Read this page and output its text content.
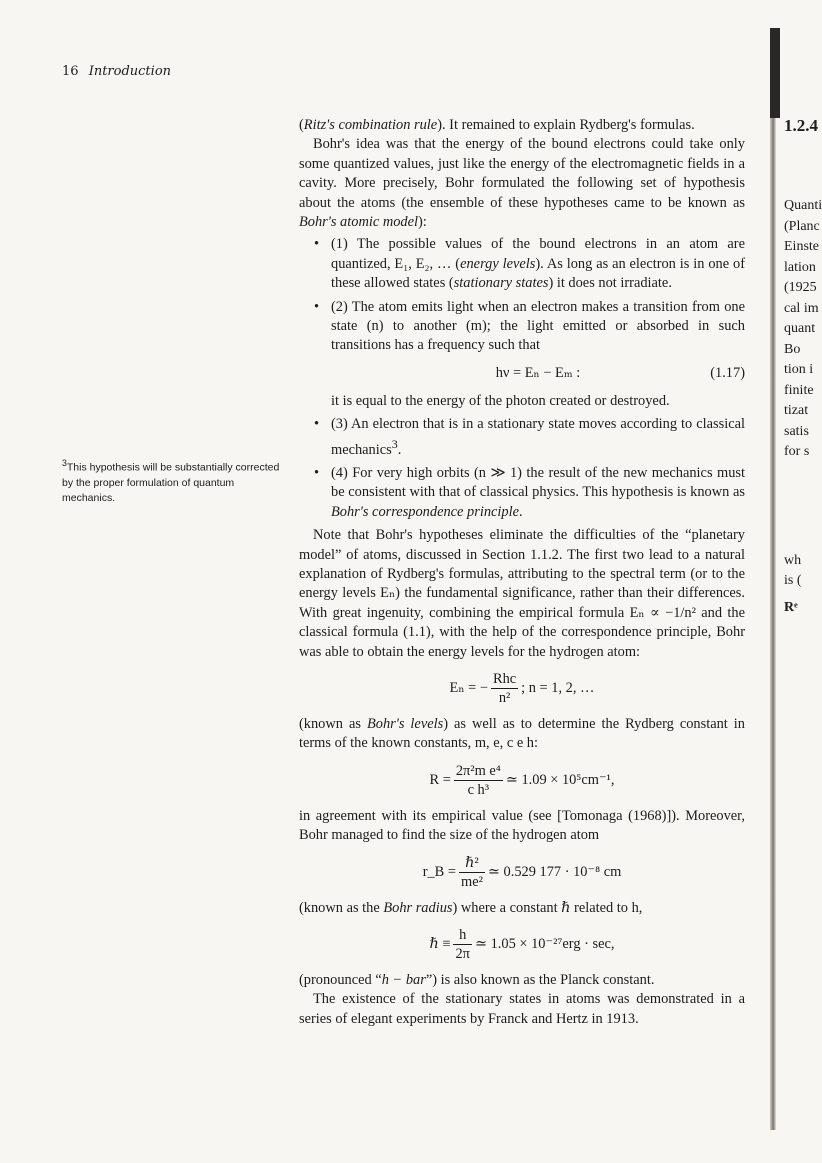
16 Introduction

(Ritz's combination rule). It remained to explain Rydberg's formulas.

Bohr's idea was that the energy of the bound electrons could take only some quantized values, just like the energy of the electromagnetic fields in a cavity. More precisely, Bohr formulated the following set of hypothesis about the atoms (the ensemble of these hypotheses came to be known as Bohr's atomic model):

• (1) The possible values of the bound electrons in an atom are quantized, E₁, E₂, … (energy levels). As long as an electron is in one of these allowed states (stationary states) it does not irradiate.
• (2) The atom emits light when an electron makes a transition from one state (n) to another (m); the light emitted or absorbed in such transitions has a frequency such that
hν = Eₙ − Eₘ :	(1.17)
it is equal to the energy of the photon created or destroyed.
• (3) An electron that is in a stationary state moves according to classical mechanics$^3$.
• (4) For very high orbits (n ≫ 1) the result of the new mechanics must be consistent with that of classical physics. This hypothesis is known as Bohr's correspondence principle.

Note that Bohr's hypotheses eliminate the difficulties of the “planetary model” of atoms, discussed in Section 1.1.2. The first two lead to a natural explanation of Rydberg's formulas, attributing to the spectral term (or to the energy levels Eₙ) the fundamental significance, rather than their differences. With great ingenuity, combining the empirical formula Eₙ ∝ −1/n² and the classical formula (1.1), with the help of the correspondence principle, Bohr was able to obtain the energy levels for the hydrogen atom:

Eₙ = − $\frac{\text{Rhc}}{\text{n²}}$ ; n = 1, 2, …

(known as Bohr's levels) as well as to determine the Rydberg constant in terms of the known constants, m, e, c e h:

$R = \frac{\text{2π²m e⁴}}{\text{c h³}}$ ≃ 1.09 × 10⁵cm⁻¹,

in agreement with its empirical value (see [Tomonaga (1968)]). Moreover, Bohr managed to find the size of the hydrogen atom

r_B = $\frac{\text{ℏ²}}{\text{me²}}$ ≃ 0.529 177 · 10⁻⁸ cm

(known as the Bohr radius) where a constant ℏ related to h,

ℏ ≡ $\frac{h}{2\pi}$ ≃ 1.05 × 10⁻²⁷erg · sec,

(pronounced “h − bar”) is also known as the Planck constant.

The existence of the stationary states in atoms was demonstrated in a series of elegant experiments by Franck and Hertz in 1913.

$^3$This hypothesis will be substantially corrected by the proper formulation of quantum mechanics.
1.2.4
Quanti
(Planc
Einste
lation
(1925
cal im
quant
Bo
tion i
finite
tizat
satis
for s
wh
is (
Rͤ
